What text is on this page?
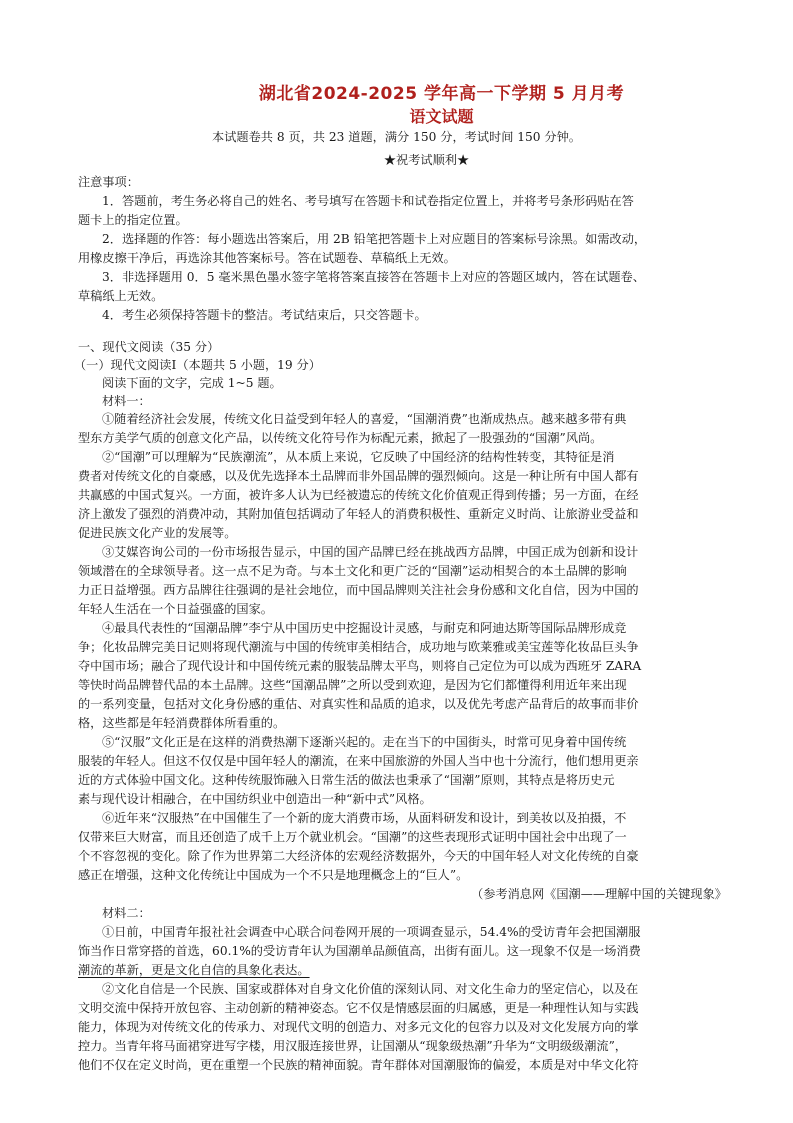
湖北省2024-2025 学年高一下学期 5 月月考
语文试题
本试题卷共 8 页，共 23 道题，满分 150 分，考试时间 150 分钟。
★祝考试顺利★
注意事项：
1．答题前，考生务必将自己的姓名、考号填写在答题卡和试卷指定位置上，并将考号条形码贴在答
题卡上的指定位置。
2．选择题的作答：每小题选出答案后，用 2B 铅笔把答题卡上对应题目的答案标号涂黑。如需改动，
用橡皮擦干净后，再选涂其他答案标号。答在试题卷、草稿纸上无效。
3．非选择题用 0．5 毫米黑色墨水签字笔将答案直接答在答题卡上对应的答题区域内，答在试题卷、
草稿纸上无效。
4．考生必须保持答题卡的整洁。考试结束后，只交答题卡。
一、现代文阅读（35 分）
（一）现代文阅读Ⅰ（本题共 5 小题，19 分）
阅读下面的文字，完成 1~5 题。
材料一：
①随着经济社会发展，传统文化日益受到年轻人的喜爱，“国潮消费”也渐成热点。越来越多带有典
型东方美学气质的创意文化产品，以传统文化符号作为标配元素，掀起了一股强劲的“国潮”风尚。
②“国潮”可以理解为“民族潮流”，从本质上来说，它反映了中国经济的结构性转变，其特征是消
费者对传统文化的自豪感，以及优先选择本土品牌而非外国品牌的强烈倾向。这是一种让所有中国人都有
共赢感的中国式复兴。一方面，被许多人认为已经被遗忘的传统文化价值观正得到传播；另一方面，在经
济上激发了强烈的消费冲动，其附加值包括调动了年轻人的消费积极性、重新定义时尚、让旅游业受益和
促进民族文化产业的发展等。
③艾媒咨询公司的一份市场报告显示，中国的国产品牌已经在挑战西方品牌，中国正成为创新和设计
领域潜在的全球领导者。这一点不足为奇。与本土文化和更广泛的“国潮”运动相契合的本土品牌的影响
力正日益增强。西方品牌往往强调的是社会地位，而中国品牌则关注社会身份感和文化自信，因为中国的
年轻人生活在一个日益强盛的国家。
④最具代表性的“国潮品牌”李宁从中国历史中挖掘设计灵感，与耐克和阿迪达斯等国际品牌形成竞
争；化妆品牌完美日记则将现代潮流与中国的传统审美相结合，成功地与欧莱雅或美宝莲等化妆品巨头争
夺中国市场；融合了现代设计和中国传统元素的服装品牌太平鸟，则将自己定位为可以成为西班牙 ZARA
等快时尚品牌替代品的本土品牌。这些“国潮品牌”之所以受到欢迎，是因为它们都懂得利用近年来出现
的一系列变量，包括对文化身份感的重估、对真实性和品质的追求，以及优先考虑产品背后的故事而非价
格，这些都是年轻消费群体所看重的。
⑤“汉服”文化正是在这样的消费热潮下逐渐兴起的。走在当下的中国街头，时常可见身着中国传统
服装的年轻人。但这不仅仅是中国年轻人的潮流，在来中国旅游的外国人当中也十分流行，他们想用更亲
近的方式体验中国文化。这种传统服饰融入日常生活的做法也秉承了“国潮”原则，其特点是将历史元
素与现代设计相融合，在中国纺织业中创造出一种“新中式”风格。
⑥近年来“汉服热”在中国催生了一个新的庞大消费市场，从面料研发和设计，到美妆以及拍摄，不
仅带来巨大财富，而且还创造了成千上万个就业机会。“国潮”的这些表现形式证明中国社会中出现了一
个不容忽视的变化。除了作为世界第二大经济体的宏观经济数据外，今天的中国年轻人对文化传统的自豪
感正在增强，这种文化传统让中国成为一个不只是地理概念上的“巨人”。
（参考消息网《国潮——理解中国的关键现象》
材料二：
①日前，中国青年报社社会调查中心联合问卷网开展的一项调查显示，54.4%的受访青年会把国潮服
饰当作日常穿搭的首选，60.1%的受访青年认为国潮单品颜值高，出街有面儿。这一现象不仅是一场消费
潮流的革新，更是文化自信的具象化表达。
②文化自信是一个民族、国家或群体对自身文化价值的深刻认同、对文化生命力的坚定信心，以及在
文明交流中保持开放包容、主动创新的精神姿态。它不仅是情感层面的归属感，更是一种理性认知与实践
能力，体现为对传统文化的传承力、对现代文明的创造力、对多元文化的包容力以及对文化发展方向的掌
控力。当青年将马面裙穿进写字楼，用汉服连接世界，让国潮从“现象级热潮”升华为“文明级级潮流”，
他们不仅在定义时尚，更在重塑一个民族的精神面貌。青年群体对国潮服饰的偏爱，本质是对中华文化符
